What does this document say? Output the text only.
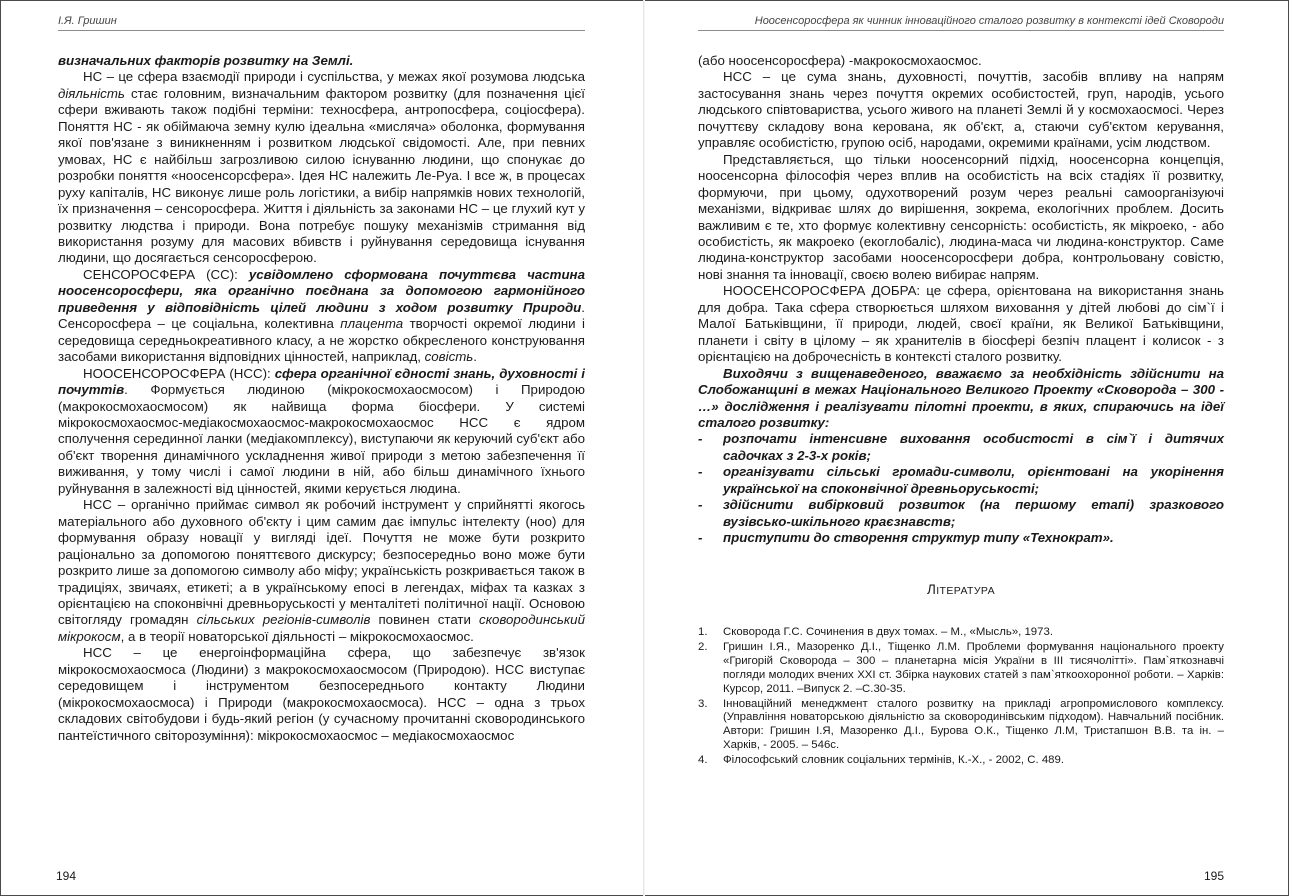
І.Я. Гришин

визначальних факторів розвитку на Землі.

НС – це сфера взаємодії природи і суспільства, у межах якої розумова людська діяльність стає головним, визначальним фактором розвитку (для позначення цієї сфери вживають також подібні терміни: техносфера, антропосфера, соціосфера). Поняття НС - як обіймаюча земну кулю ідеальна «мисляча» оболонка, формування якої пов'язане з виникненням і розвитком людської свідомості. Але, при певних умовах, НС є найбільш загрозливою силою існуванню людини, що спонукає до розробки поняття «ноосенсорсфера». Ідея НС належить Ле-Руа. І все ж, в процесах руху капіталів, НС виконує лише роль логістики, а вибір напрямків нових технологій, їх призначення – сенсоросфера. Життя і діяльність за законами НС – це глухий кут у розвитку людства і природи. Вона потребує пошуку механізмів стримання від використання розуму для масових вбивств і руйнування середовища існування людини, що досягається сенсоросферою.

СЕНСОРОСФЕРА (СС): усвідомлено сформована почуттєва частина ноосенсоросфери, яка органічно поєднана за допомогою гармонійного приведення у відповідність цілей людини з ходом розвитку Природи. Сенсоросфера – це соціальна, колективна плацента творчості окремої людини і середовища середньокреативного класу, а не жорстко обкресленого конструювання засобами використання відповідних цінностей, наприклад, совість.

НООСЕНСОРОСФЕРА (НСС): сфера органічної єдності знань, духовності і почуттів. Формується людиною (мікрокосмохаосмосом) і Природою (макрокосмохаосмосом) як найвища форма біосфери. У системі мікрокосмохаосмос-медіакосмохаосмос-макрокосмохаосмос НСС є ядром сполучення серединної ланки (медіакомплексу), виступаючи як керуючий суб'єкт або об'єкт творення динамічного ускладнення живої природи з метою забезпечення її виживання, у тому числі і самої людини в ній, або більш динамічного їхнього руйнування в залежності від цінностей, якими керується людина.

НСС – органічно приймає символ як робочий інструмент у сприйнятті якогось матеріального або духовного об'єкту і цим самим дає імпульс інтелекту (ноо) для формування образу новації у вигляді ідеї. Почуття не може бути розкрито раціонально за допомогою поняттєвого дискурсу; безпосередньо воно може бути розкрито лише за допомогою символу або міфу; українськість розкривається також в традиціях, звичаях, етикеті; а в українському епосі в легендах, міфах та казках з орієнтацією на споконвічні древньоруськості у менталітеті політичної нації. Основою світогляду громадян сільських регіонів-символів повинен стати сковородинський мікрокосм, а в теорії новаторської діяльності – мікрокосмохаосмос.

НСС – це енергоінформаційна сфера, що забезпечує зв'язок мікрокосмохаосмоса (Людини) з макрокосмохаосмосом (Природою). НСС виступає середовищем і інструментом безпосереднього контакту Людини (мікрокосмохаосмоса) і Природи (макрокосмохаосмоса). НСС – одна з трьох складових світобудови і будь-який регіон (у сучасному прочитанні сковородинського пантеїстичного світорозуміння): мікрокосмохаосмос – медіакосмохаосмос

194
Ноосенсоросфера як чинник інноваційного сталого розвитку в контексті ідей Сковороди

(або ноосенсоросфера) -макрокосмохаосмос.

НСС – це сума знань, духовності, почуттів, засобів впливу на напрям застосування знань через почуття окремих особистостей, груп, народів, усього людського співтовариства, усього живого на планеті Землі й у космохаосмосі. Через почуттєву складову вона керована, як об'єкт, а, стаючи суб'єктом керування, управляє особистістю, групою осіб, народами, окремими країнами, усім людством.

Представляється, що тільки ноосенсорний підхід, ноосенсорна концепція, ноосенсорна філософія через вплив на особистість на всіх стадіях її розвитку, формуючи, при цьому, одухотворений розум через реальні самоорганізуючі механізми, відкриває шлях до вирішення, зокрема, екологічних проблем. Досить важливим є те, хто формує колективну сенсорність: особистість, як мікроеко, - або особистість, як макроеко (екоглобаліс), людина-маса чи людина-конструктор. Саме людина-конструктор засобами ноосенсоросфери добра, контрольовану совістю, нові знання та інновації, своєю волею вибирає напрям.

НООСЕНСОРОСФЕРА ДОБРА: це сфера, орієнтована на використання знань для добра. Така сфера створюється шляхом виховання у дітей любові до сім`ї і Малої Батьківщини, її природи, людей, своєї країни, як Великої Батьківщини, планети і світу в цілому – як хранителів в біосфері безпіч плацент і колисок - з орієнтацією на доброчесність в контексті сталого розвитку.

Виходячи з вищенаведеного, вважаємо за необхідність здійснити на Слобожанщині в межах Національного Великого Проекту «Сковорода – 300 - …» дослідження і реалізувати пілотні проекти, в яких, спираючись на ідеї сталого розвитку:

- розпочати інтенсивне виховання особистості в сім`ї і дитячих садочках з 2-3-х років;

- організувати сільські громади-символи, орієнтовані на укорінення української на споконвічної древньоруськості;

- здійснити вибірковий розвиток (на першому етапі) зразкового вузівсько-шкільного краєзнавств;

- приступити до створення структур типу «Технократ».

ЛІТЕРАТУРА

1. Сковорода Г.С. Сочинения в двух томах. – М., «Мысль», 1973.
2. Гришин І.Я., Мазоренко Д.І., Тіщенко Л.М. Проблеми формування національного проекту «Григорій Сковорода – 300 – планетарна місія України в ІІІ тисячолітті». Пам`яткознавчі погляди молодих вчених ХХІ ст. Збірка наукових статей з пам`яткоохоронної роботи. – Харків: Курсор, 2011. –Випуск 2. –С.30-35.
3. Інноваційний менеджмент сталого розвитку на прикладі агропромислового комплексу. (Управління новаторською діяльністю за сковородинівським підходом). Навчальний посібник. Автори: Гришин І.Я, Мазоренко Д.І., Бурова О.К., Тіщенко Л.М, Тристапшон В.В. та ін. – Харків, - 2005. – 546с.
4. Філософський словник соціальних термінів, К.-Х., - 2002, С. 489.
195
